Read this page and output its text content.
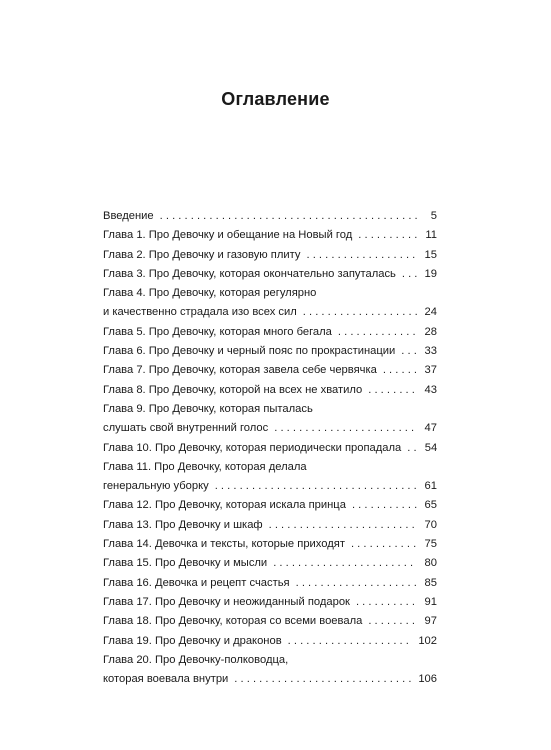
Оглавление
Введение . . .	5
Глава 1. Про Девочку и обещание на Новый год . . .	11
Глава 2. Про Девочку и газовую плиту . . .	15
Глава 3. Про Девочку, которая окончательно запуталась . . .	19
Глава 4. Про Девочку, которая регулярно
и качественно страдала изо всех сил . . .	24
Глава 5. Про Девочку, которая много бегала . . .	28
Глава 6. Про Девочку и черный пояс по прокрастинации . . .	33
Глава 7. Про Девочку, которая завела себе червячка . . .	37
Глава 8. Про Девочку, которой на всех не хватило . . .	43
Глава 9. Про Девочку, которая пыталась
слушать свой внутренний голос . . .	47
Глава 10. Про Девочку, которая периодически пропадала . . . 54
Глава 11. Про Девочку, которая делала
генеральную уборку . . .	61
Глава 12. Про Девочку, которая искала принца . . .	65
Глава 13. Про Девочку и шкаф . . .	70
Глава 14. Девочка и тексты, которые приходят . . .	75
Глава 15. Про Девочку и мысли . . .	80
Глава 16. Девочка и рецепт счастья . . .	85
Глава 17. Про Девочку и неожиданный подарок . . .	91
Глава 18. Про Девочку, которая со всеми воевала . . .	97
Глава 19. Про Девочку и драконов . . .	102
Глава 20. Про Девочку-полководца,
которая воевала внутри . . .	106
